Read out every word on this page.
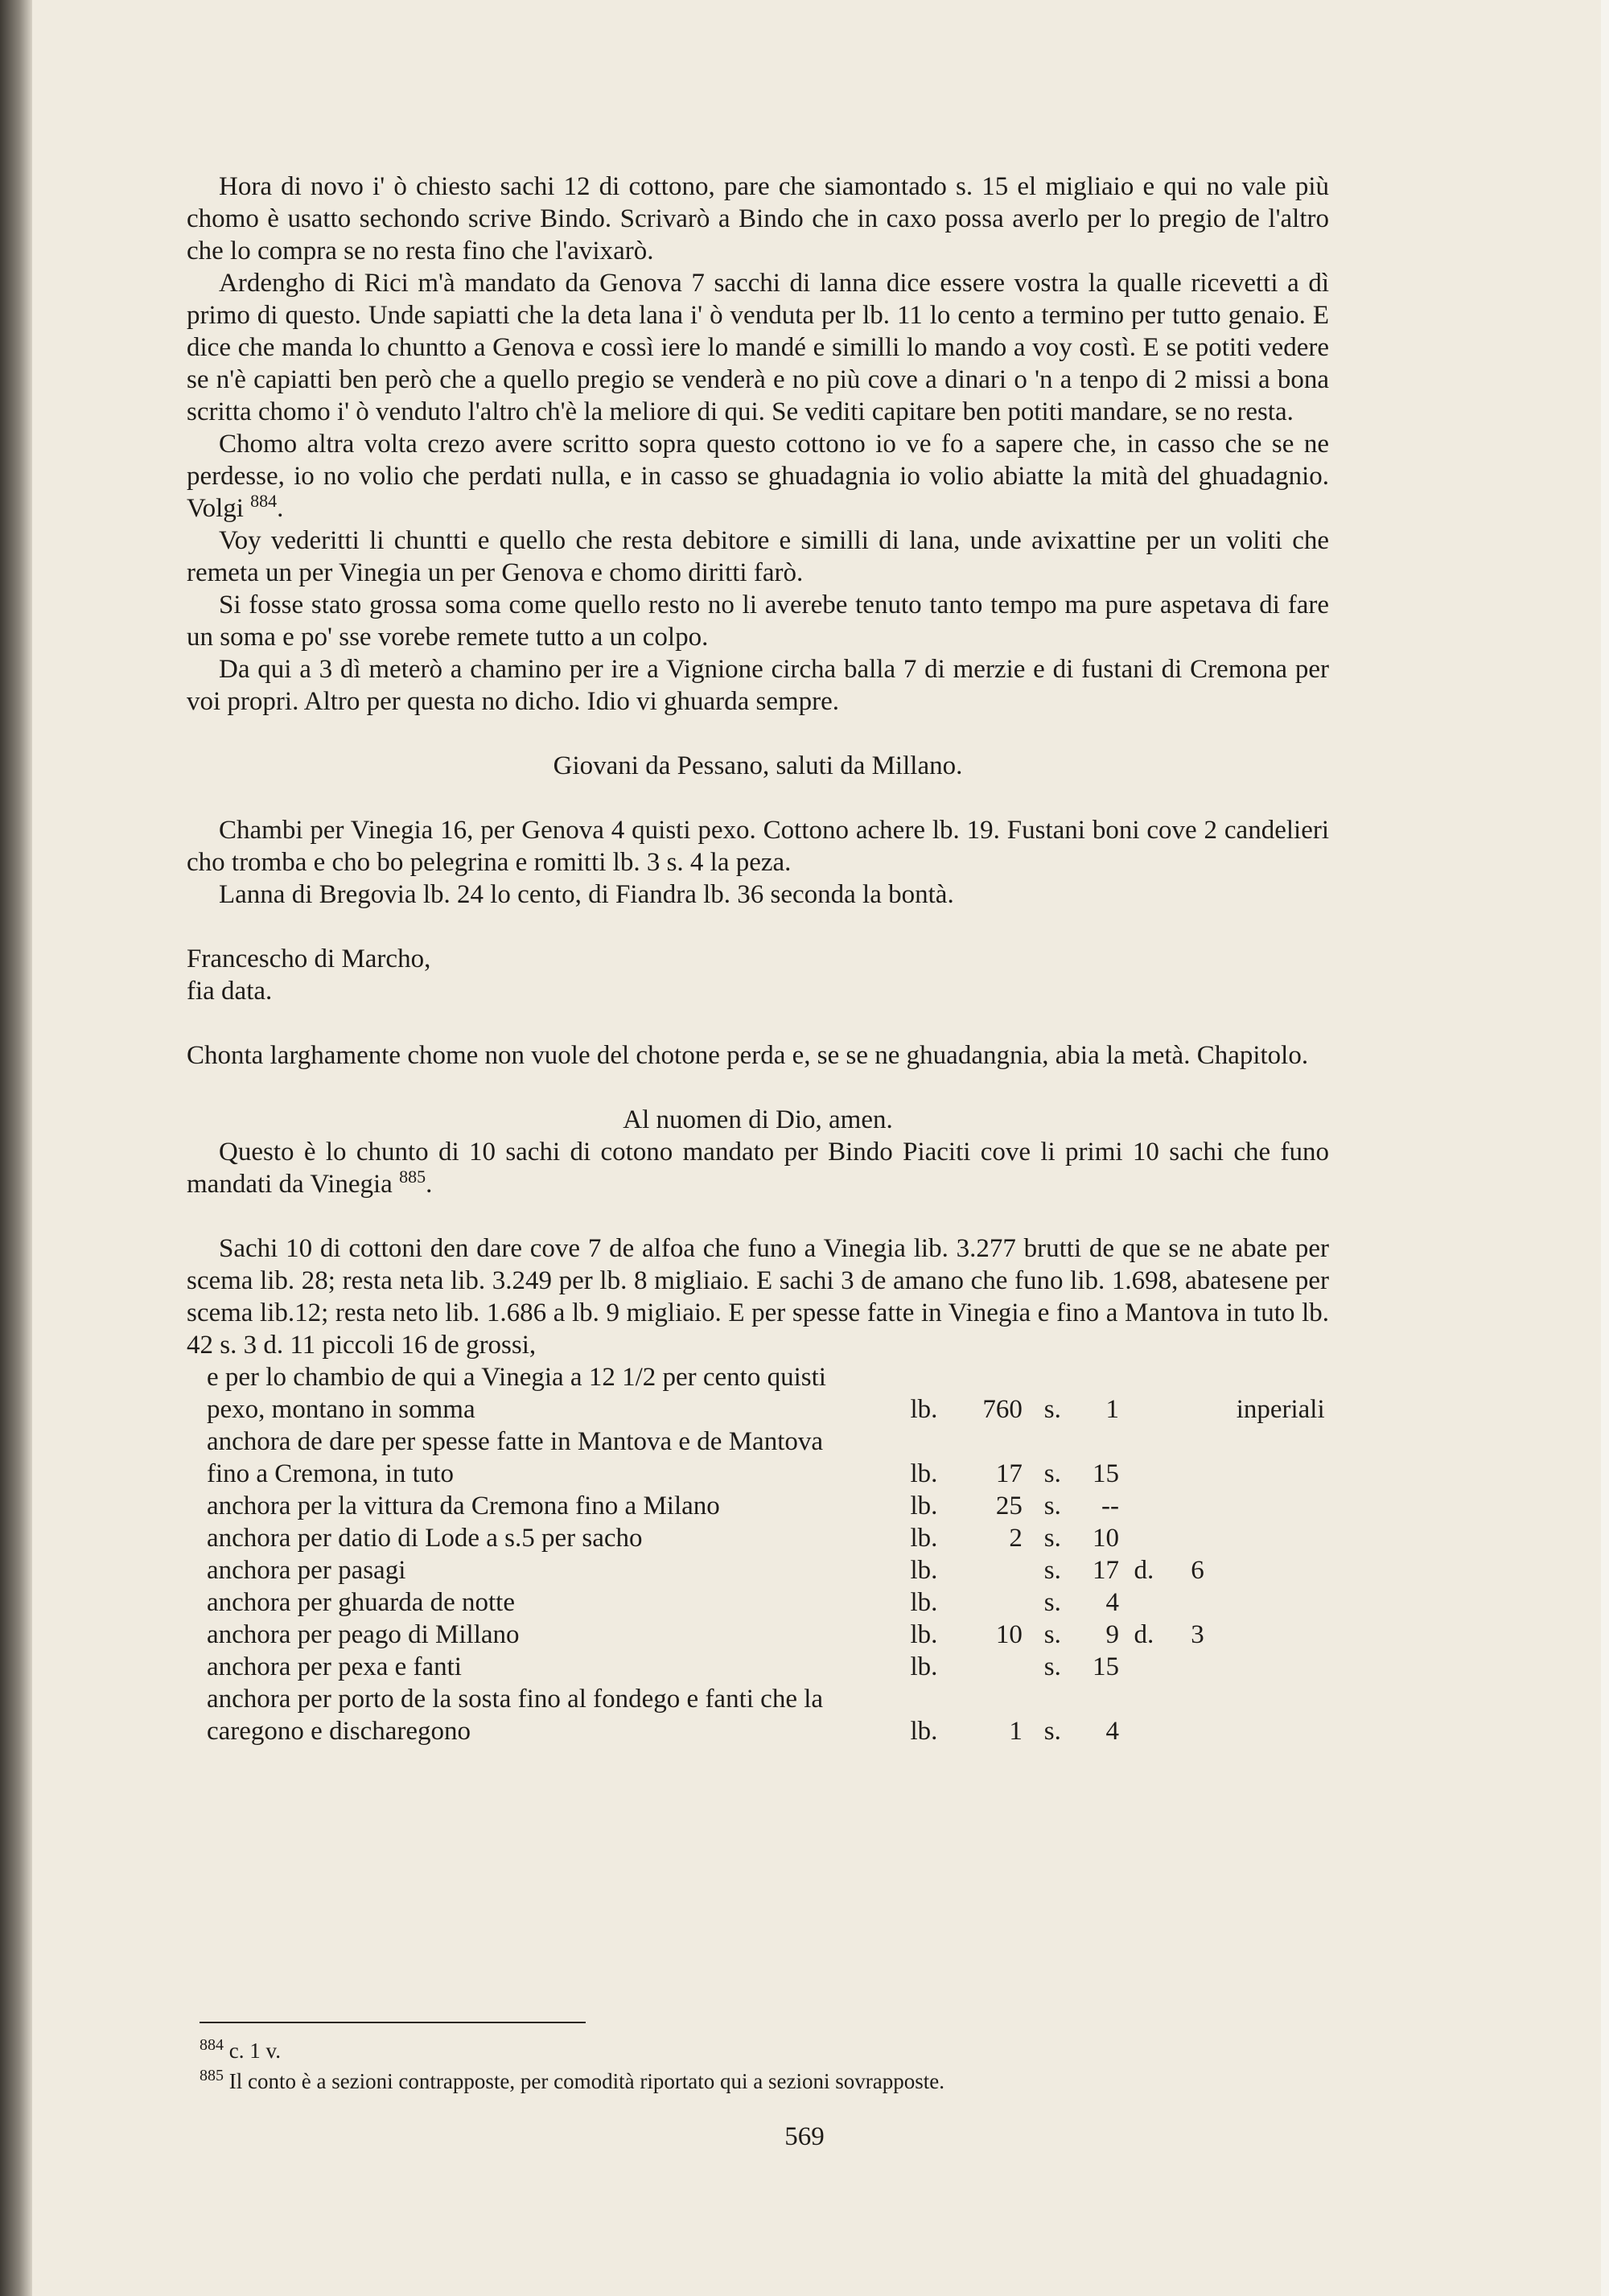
Hora di novo i' ò chiesto sachi 12 di cottono, pare che siamontado s. 15 el migliaio e qui no vale più chomo è usatto sechondo scrive Bindo. Scrivarò a Bindo che in caxo possa averlo per lo pregio de l'altro che lo compra se no resta fino che l'avixarò.

Ardengho di Rici m'à mandato da Genova 7 sacchi di lanna dice essere vostra la qualle ricevetti a dì primo di questo. Unde sapiatti che la deta lana i' ò venduta per lb. 11 lo cento a termino per tutto genaio. E dice che manda lo chuntto a Genova e cossì iere lo mandé e similli lo mando a voy costì. E se potiti vedere se n'è capiatti ben però che a quello pregio se venderà e no più cove a dinari o 'n a tenpo di 2 missi a bona scritta chomo i' ò venduto l'altro ch'è la meliore di qui. Se vediti capitare ben potiti mandare, se no resta.

Chomo altra volta crezo avere scritto sopra questo cottono io ve fo a sapere che, in casso che se ne perdesse, io no volio che perdati nulla, e in casso se ghuadagnia io volio abiatte la mità del ghuadagnio. Volgi $^{884}$.

Voy vederitti li chuntti e quello che resta debitore e similli di lana, unde avixattine per un voliti che remeta un per Vinegia un per Genova e chomo diritti farò.

Si fosse stato grossa soma come quello resto no li averebe tenuto tanto tempo ma pure aspetava di fare un soma e po' sse vorebe remete tutto a un colpo.

Da qui a 3 dì meterò a chamino per ire a Vignione circha balla 7 di merzie e di fustani di Cremona per voi propri. Altro per questa no dicho. Idio vi ghuarda sempre.

Giovani da Pessano, saluti da Millano.

Chambi per Vinegia 16, per Genova 4 quisti pexo. Cottono achere lb. 19. Fustani boni cove 2 candelieri cho tromba e cho bo pelegrina e romitti lb. 3 s. 4 la peza.

Lanna di Bregovia lb. 24 lo cento, di Fiandra lb. 36 seconda la bontà.

Francescho di Marcho,

fia data.

Chonta larghamente chome non vuole del chotone perda e, se se ne ghuadangnia, abia la metà. Chapitolo.

Al nuomen di Dio, amen.

Questo è lo chunto di 10 sachi di cotono mandato per Bindo Piaciti cove li primi 10 sachi che funo mandati da Vinegia $^{885}$.

Sachi 10 di cottoni den dare cove 7 de alfoa che funo a Vinegia lib. 3.277 brutti de que se ne abate per scema lib. 28; resta neta lib. 3.249 per lb. 8 migliaio. E sachi 3 de amano che funo lib. 1.698, abatesene per scema lib.12; resta neto lib. 1.686 a lb. 9 migliaio. E per spesse fatte in Vinegia e fino a Mantova in tuto lb. 42 s. 3 d. 11 piccoli 16 de grossi,

e per lo chambio de qui a Vinegia a 12 1/2 per cento quisti
pexo, montano in somma	lb.	760 s.	1	inperiali
anchora de dare per spesse fatte in Mantova e de Mantova
fino a Cremona, in tuto	lb.	17 s.	15
anchora per la vittura da Cremona fino a Milano	lb.	25 s.	--
anchora per datio di Lode a s.5 per sacho	lb.	2 s.	10
anchora per pasagi	lb.	s.	17 d.	6
anchora per ghuarda de notte	lb.	s.	4
anchora per peago di Millano	lb.	10 s.	9 d.	3
anchora per pexa e fanti	lb.	s.	15
anchora per porto de la sosta fino al fondego e fanti che la
caregono e discharegono	lb.	1 s.	4

$^{884}$ c. 1 v.

$^{885}$ Il conto è a sezioni contrapposte, per comodità riportato qui a sezioni sovrapposte.

569
